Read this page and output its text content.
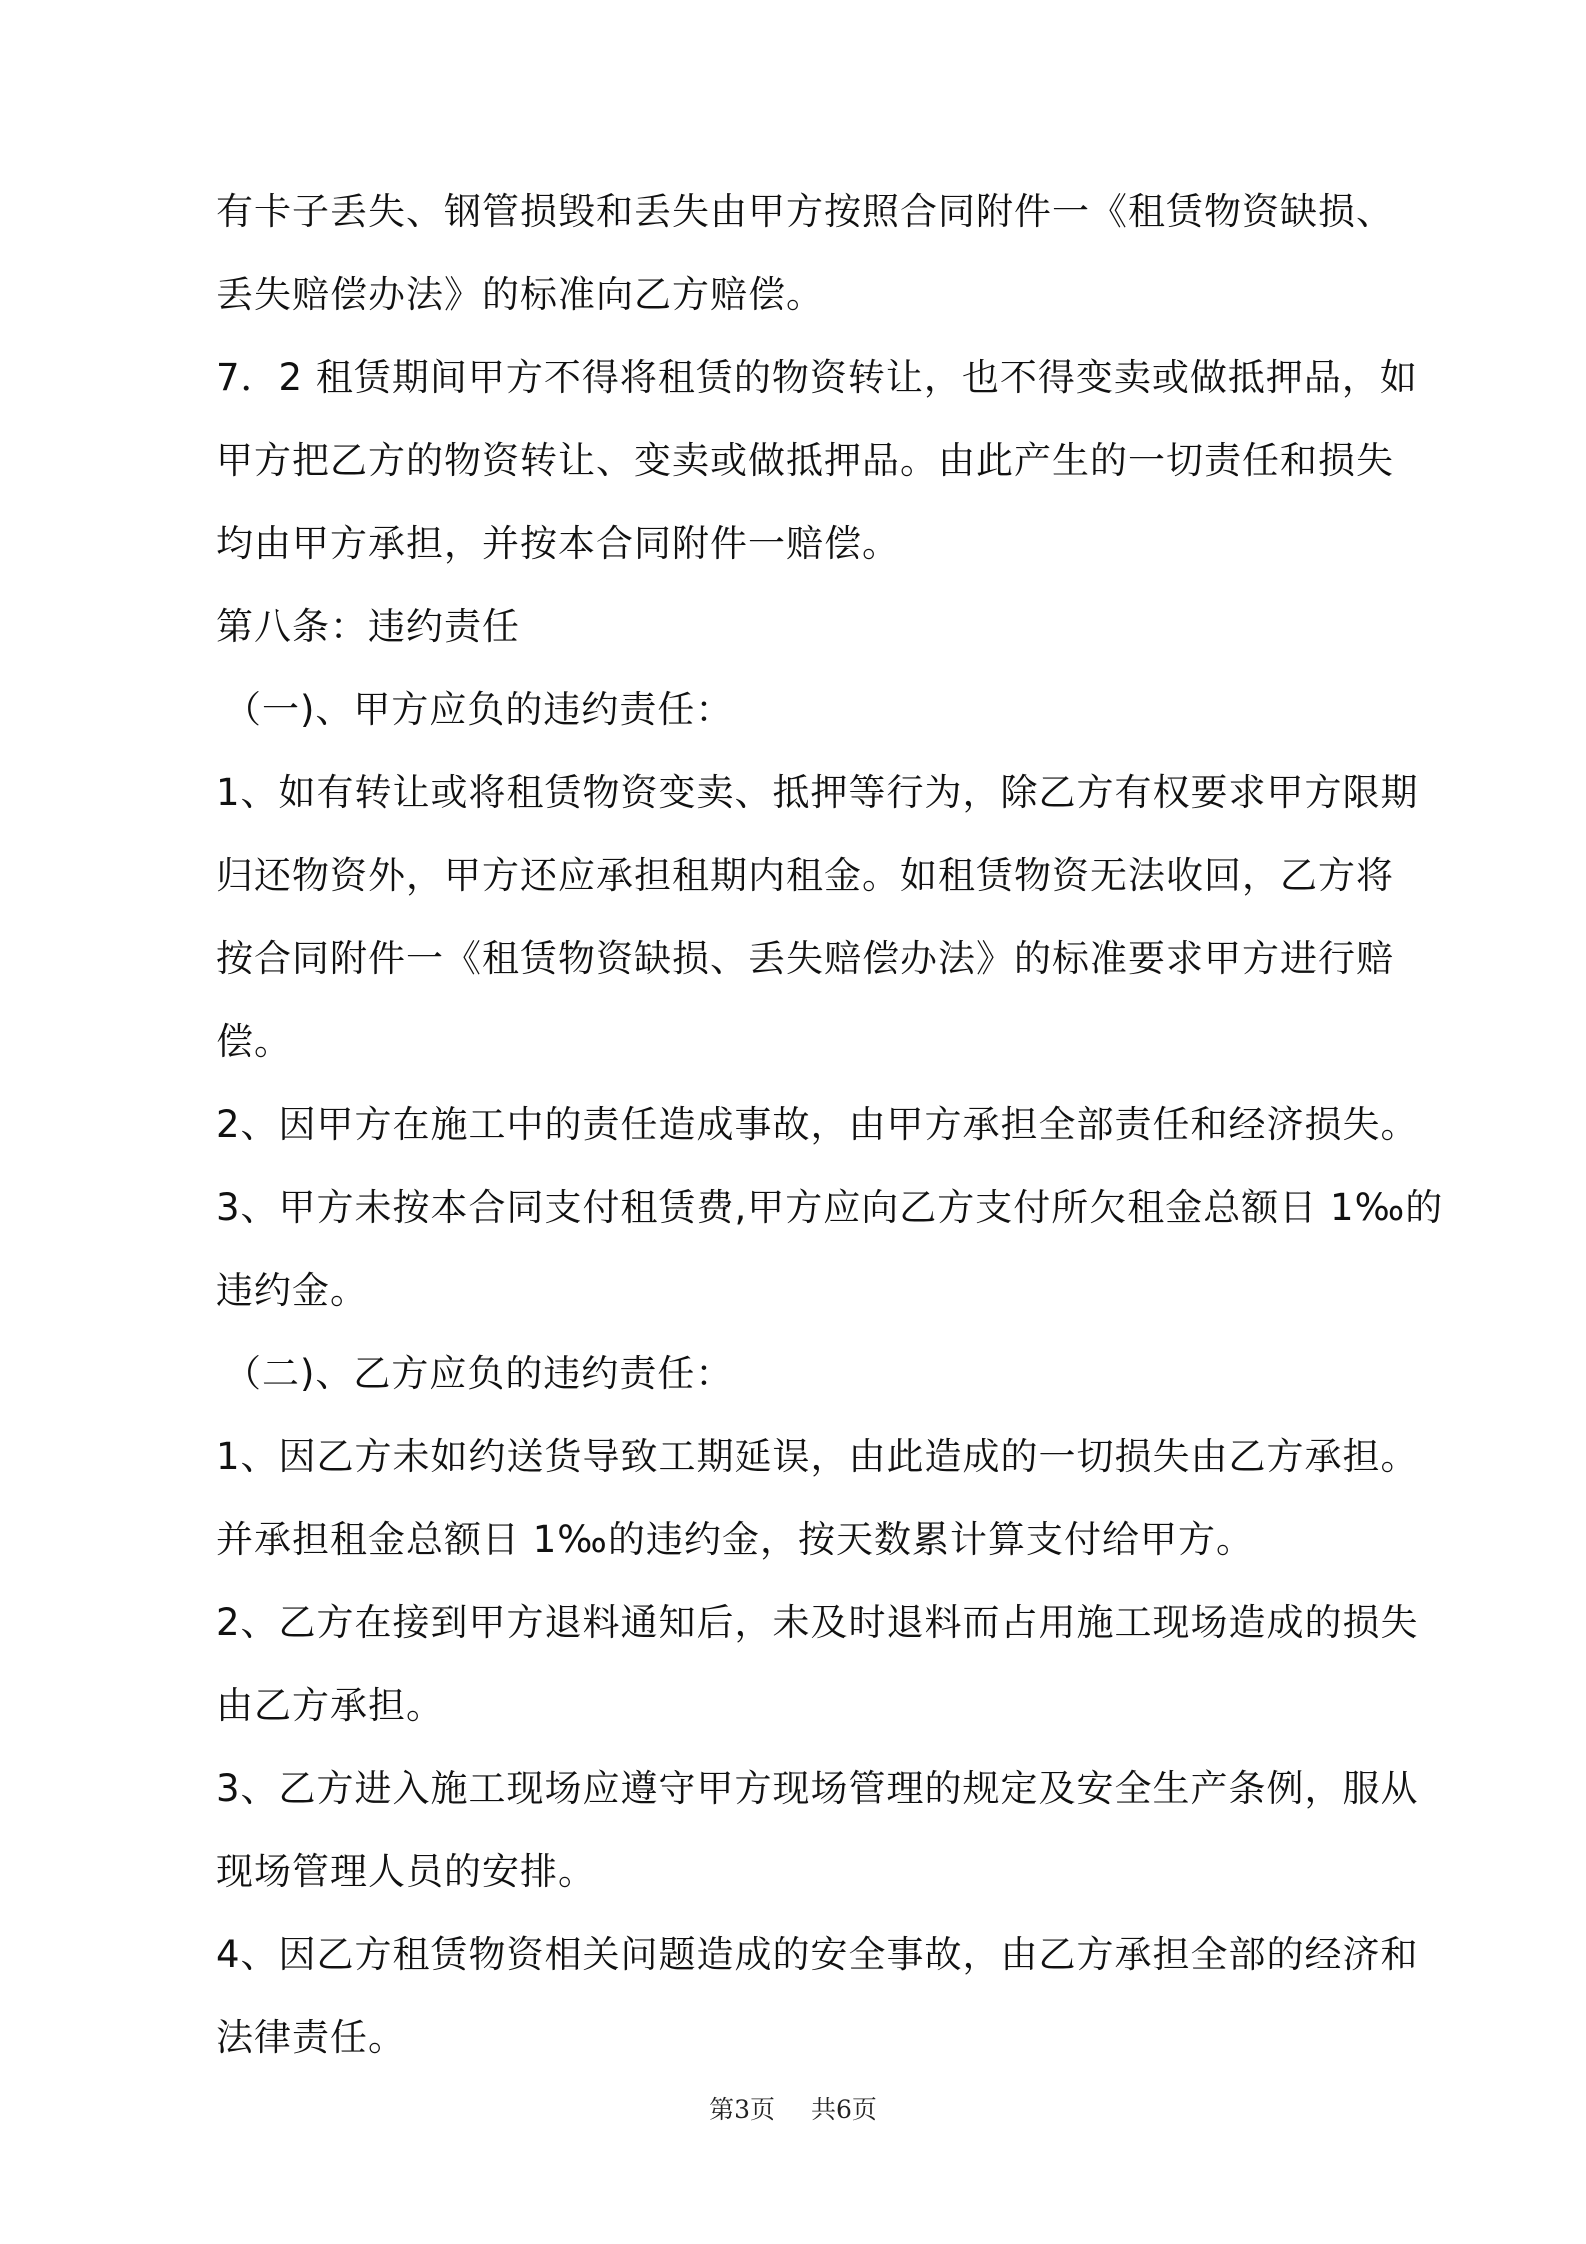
有卡子丢失、钢管损毁和丢失由甲方按照合同附件一《租赁物资缺损、
丢失赔偿办法》的标准向乙方赔偿。
7．2 租赁期间甲方不得将租赁的物资转让，也不得变卖或做抵押品，如
甲方把乙方的物资转让、变卖或做抵押品。由此产生的一切责任和损失
均由甲方承担，并按本合同附件一赔偿。
第八条：违约责任
（一)、甲方应负的违约责任：
1、如有转让或将租赁物资变卖、抵押等行为，除乙方有权要求甲方限期
归还物资外，甲方还应承担租期内租金。如租赁物资无法收回，乙方将
按合同附件一《租赁物资缺损、丢失赔偿办法》的标准要求甲方进行赔
偿。
2、因甲方在施工中的责任造成事故，由甲方承担全部责任和经济损失。
3、甲方未按本合同支付租赁费,甲方应向乙方支付所欠租金总额日 1‰的
违约金。
（二)、乙方应负的违约责任：
1、因乙方未如约送货导致工期延误，由此造成的一切损失由乙方承担。
并承担租金总额日 1‰的违约金，按天数累计算支付给甲方。
2、乙方在接到甲方退料通知后，未及时退料而占用施工现场造成的损失
由乙方承担。
3、乙方进入施工现场应遵守甲方现场管理的规定及安全生产条例，服从
现场管理人员的安排。
4、因乙方租赁物资相关问题造成的安全事故，由乙方承担全部的经济和
法律责任。
第3页 共6页
